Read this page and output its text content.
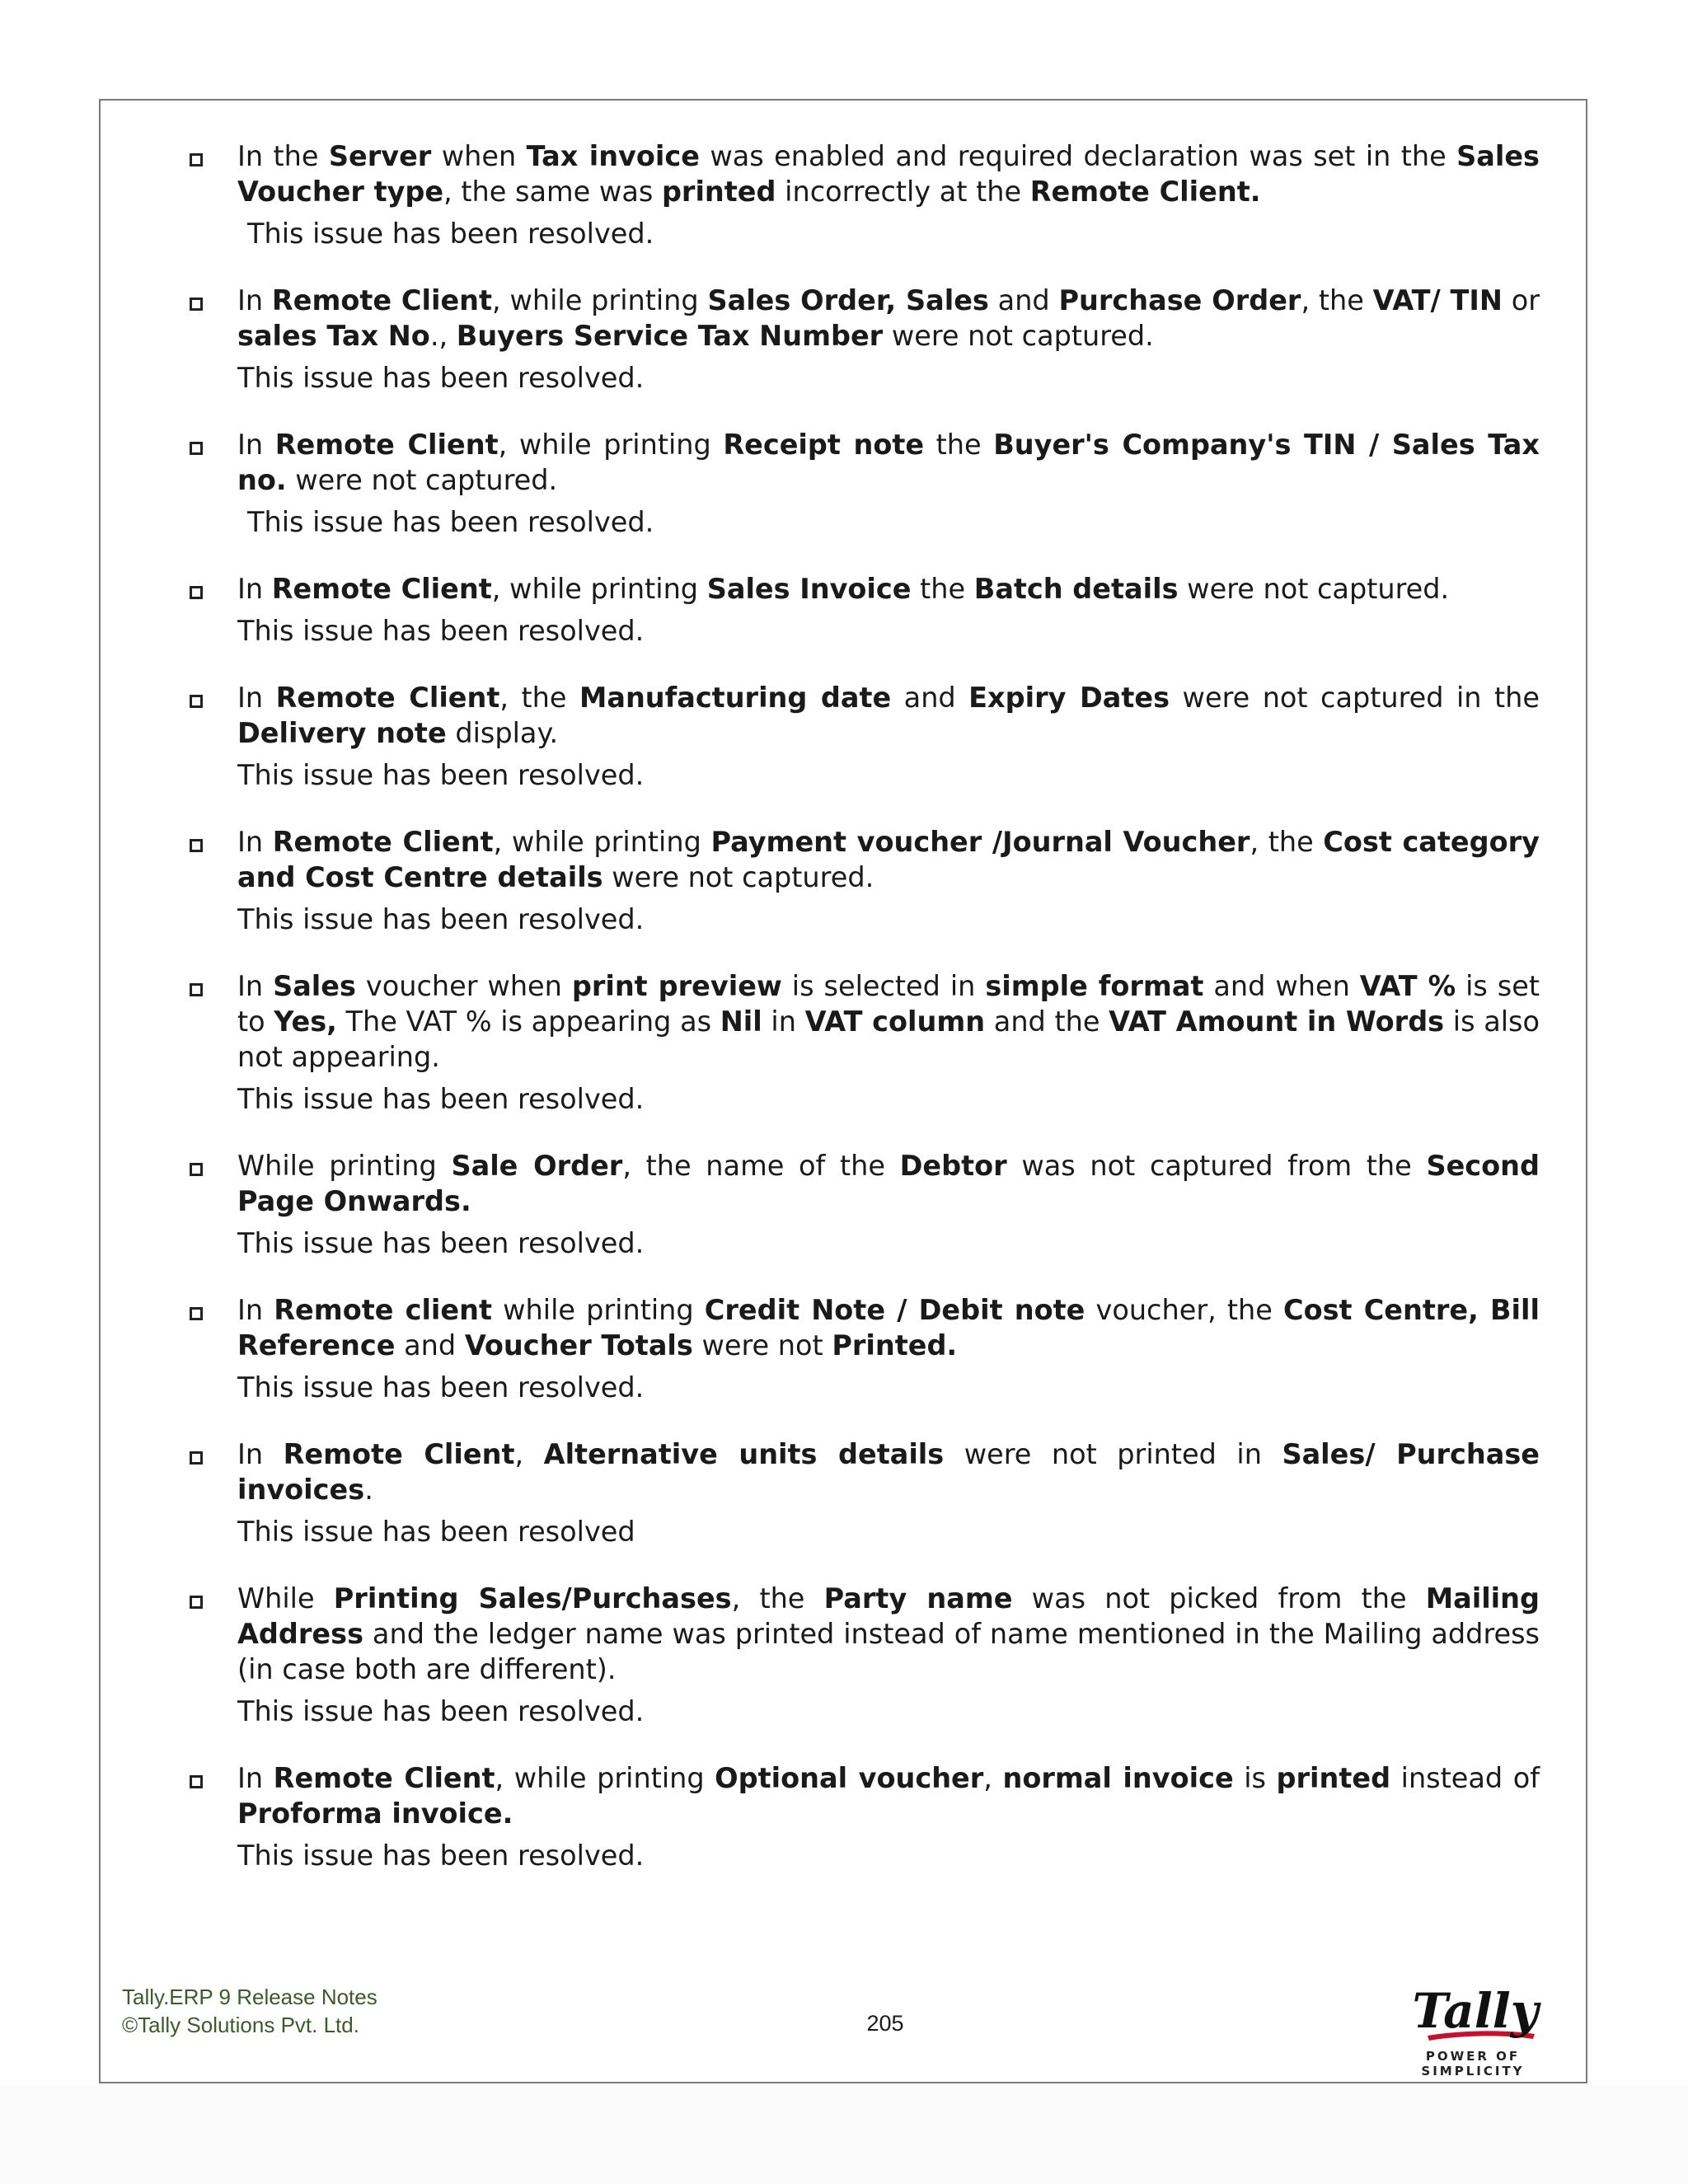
In the Server when Tax invoice was enabled and required declaration was set in the Sales Voucher type, the same was printed incorrectly at the Remote Client.

This issue has been resolved.

In Remote Client, while printing Sales Order, Sales and Purchase Order, the VAT/ TIN or sales Tax No., Buyers Service Tax Number were not captured.

This issue has been resolved.

In Remote Client, while printing Receipt note the Buyer's Company's TIN / Sales Tax no. were not captured.

This issue has been resolved.

In Remote Client, while printing Sales Invoice the Batch details were not captured.

This issue has been resolved.

In Remote Client, the Manufacturing date and Expiry Dates were not captured in the Delivery note display.

This issue has been resolved.

In Remote Client, while printing Payment voucher /Journal Voucher, the Cost category and Cost Centre details were not captured.

This issue has been resolved.

In Sales voucher when print preview is selected in simple format and when VAT % is set to Yes, The VAT % is appearing as Nil in VAT column and the VAT Amount in Words is also not appearing.

This issue has been resolved.

While printing Sale Order, the name of the Debtor was not captured from the Second Page Onwards.

This issue has been resolved.

In Remote client while printing Credit Note / Debit note voucher, the Cost Centre, Bill Reference and Voucher Totals were not Printed.

This issue has been resolved.

In Remote Client, Alternative units details were not printed in Sales/ Purchase invoices.

This issue has been resolved

While Printing Sales/Purchases, the Party name was not picked from the Mailing Address and the ledger name was printed instead of name mentioned in the Mailing address (in case both are different).

This issue has been resolved.

In Remote Client, while printing Optional voucher, normal invoice is printed instead of Proforma invoice.

This issue has been resolved.

Tally.ERP 9 Release Notes
©Tally Solutions Pvt. Ltd.	205	Tally
POWER OF SIMPLICITY
